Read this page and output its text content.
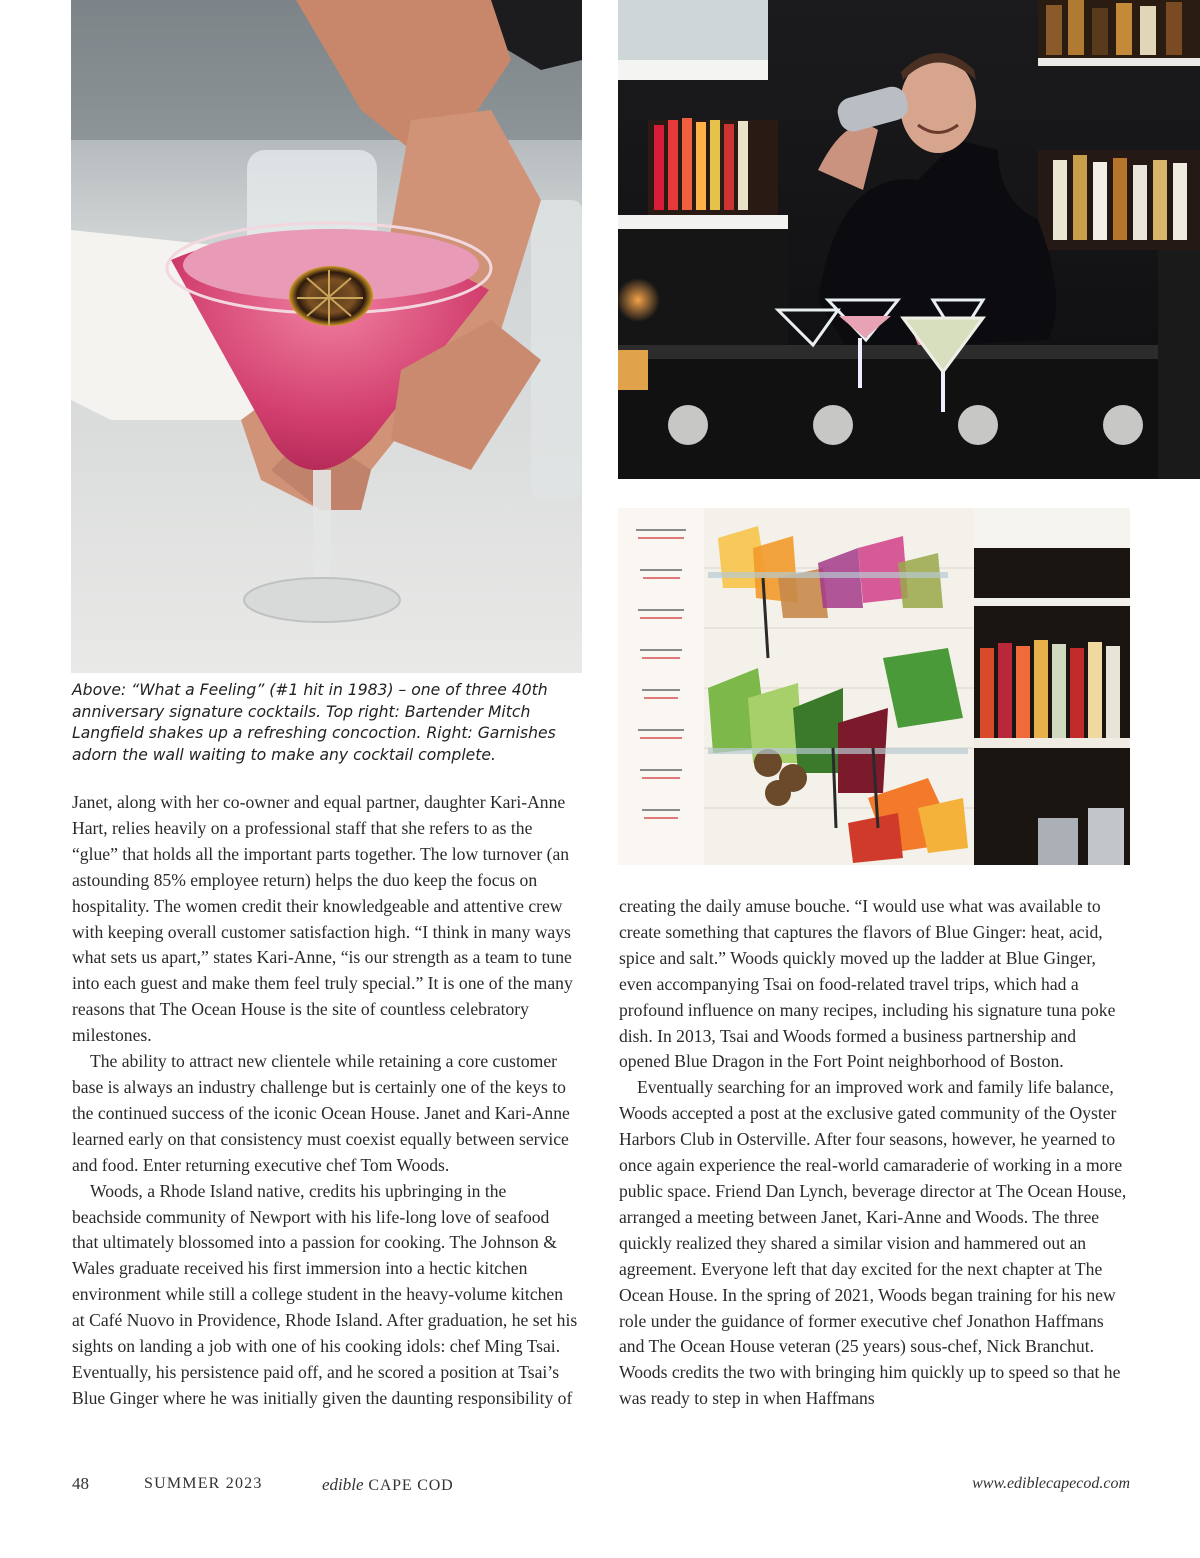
Above: “What a Feeling” (#1 hit in 1983) – one of three 40th anniversary signature cocktails. Top right: Bartender Mitch Langfield shakes up a refreshing concoction. Right: Garnishes adorn the wall waiting to make any cocktail complete.

Janet, along with her co-owner and equal partner, daughter Kari-Anne Hart, relies heavily on a professional staff that she refers to as the “glue” that holds all the important parts together. The low turnover (an astounding 85% employee return) helps the duo keep the focus on hospitality. The women credit their knowledgeable and attentive crew with keeping overall customer satisfaction high. “I think in many ways what sets us apart,” states Kari-Anne, “is our strength as a team to tune into each guest and make them feel truly special.” It is one of the many reasons that The Ocean House is the site of countless celebratory milestones.

The ability to attract new clientele while retaining a core customer base is always an industry challenge but is certainly one of the keys to the continued success of the iconic Ocean House. Janet and Kari-Anne learned early on that consistency must coexist equally between service and food. Enter returning executive chef Tom Woods.

Woods, a Rhode Island native, credits his upbringing in the beachside community of Newport with his life-long love of seafood that ultimately blossomed into a passion for cooking. The Johnson & Wales graduate received his first immersion into a hectic kitchen environment while still a college student in the heavy-volume kitchen at Café Nuovo in Providence, Rhode Island. After graduation, he set his sights on landing a job with one of his cooking idols: chef Ming Tsai. Eventually, his persistence paid off, and he scored a position at Tsai’s Blue Ginger where he was initially given the daunting responsibility of

creating the daily amuse bouche. “I would use what was available to create something that captures the flavors of Blue Ginger: heat, acid, spice and salt.” Woods quickly moved up the ladder at Blue Ginger, even accompanying Tsai on food-related travel trips, which had a profound influence on many recipes, including his signature tuna poke dish. In 2013, Tsai and Woods formed a business partnership and opened Blue Dragon in the Fort Point neighborhood of Boston.

Eventually searching for an improved work and family life balance, Woods accepted a post at the exclusive gated community of the Oyster Harbors Club in Osterville. After four seasons, however, he yearned to once again experience the real-world camaraderie of working in a more public space. Friend Dan Lynch, beverage director at The Ocean House, arranged a meeting between Janet, Kari-Anne and Woods. The three quickly realized they shared a similar vision and hammered out an agreement. Everyone left that day excited for the next chapter at The Ocean House. In the spring of 2021, Woods began training for his new role under the guidance of former executive chef Jonathon Haffmans and The Ocean House veteran (25 years) sous-chef, Nick Branchut. Woods credits the two with bringing him quickly up to speed so that he was ready to step in when Haffmans

48	SUMMER 2023	edible CAPE COD	www.ediblecapecod.com
